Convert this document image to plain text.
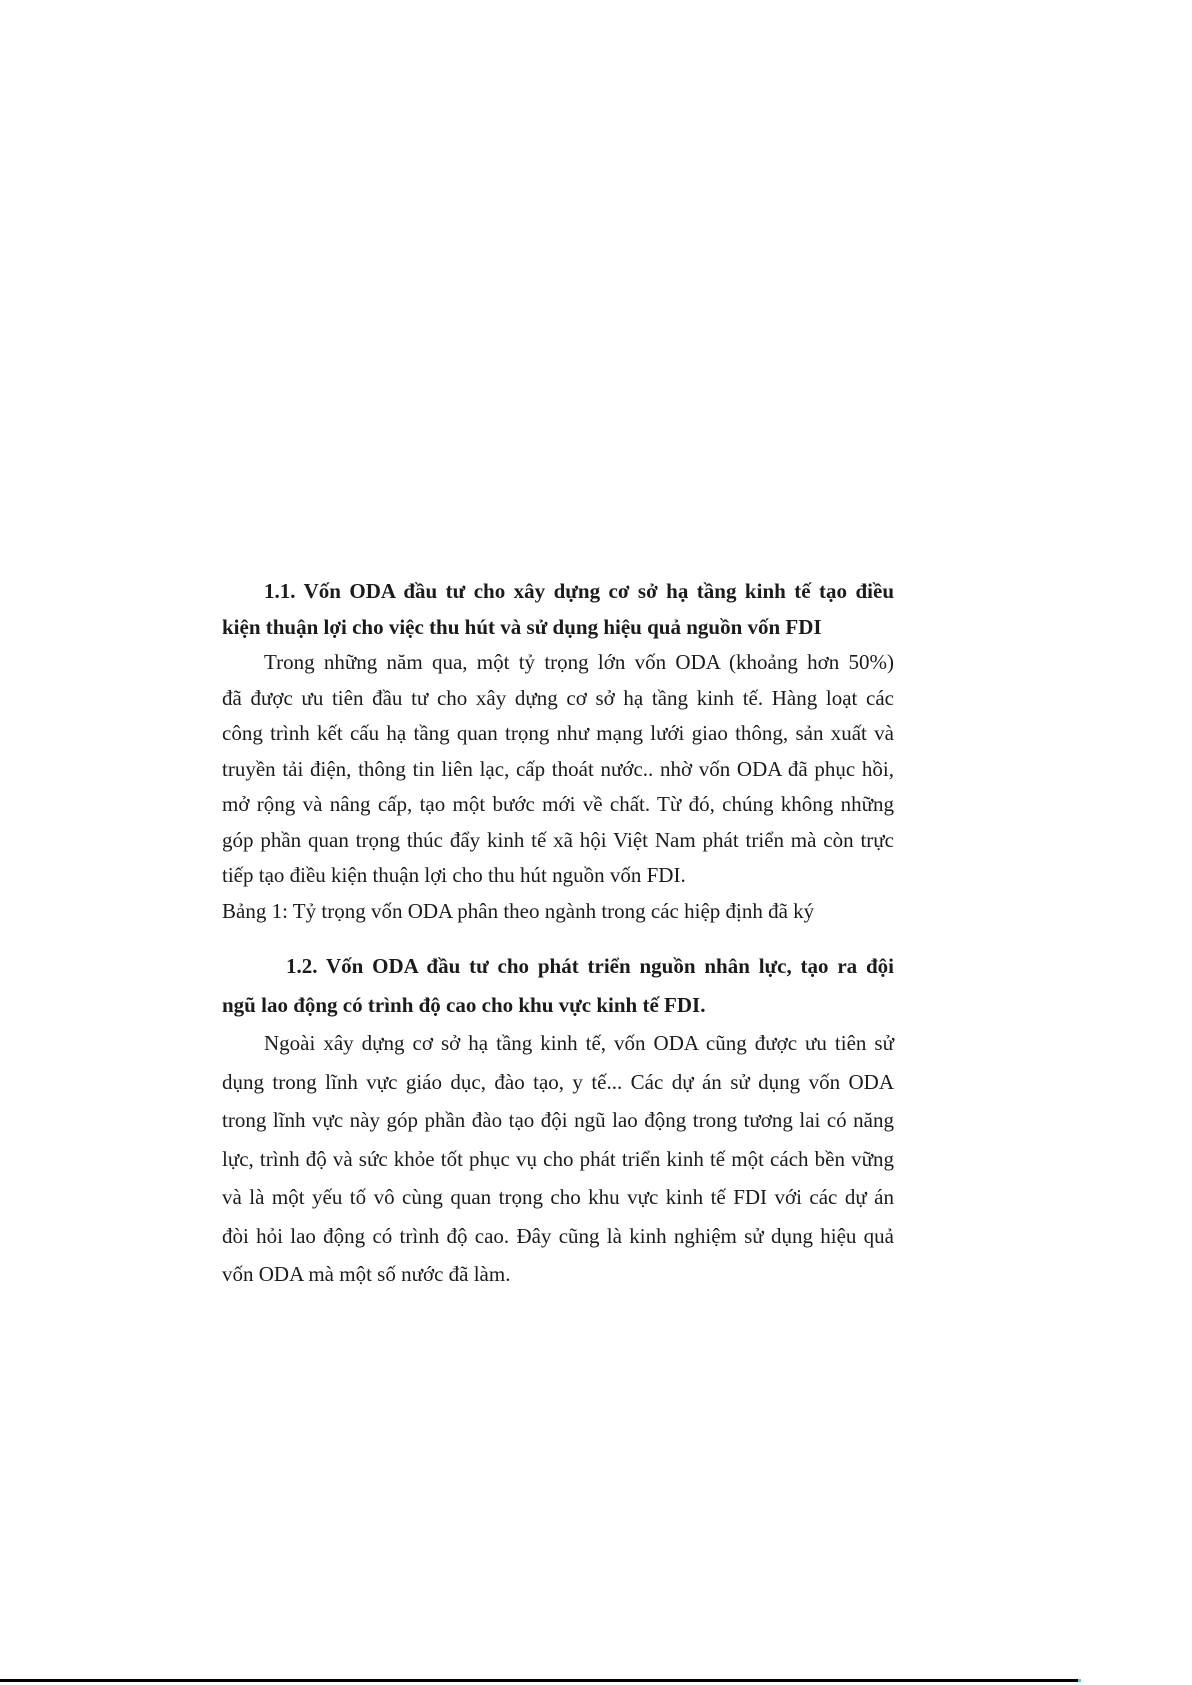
1.1. Vốn ODA đầu tư cho xây dựng cơ sở hạ tầng kinh tế tạo điều
kiện thuận lợi cho việc thu hút và sử dụng hiệu quả nguồn vốn FDI
Trong những năm qua, một tỷ trọng lớn vốn ODA (khoảng hơn 50%)
đã được ưu tiên đầu tư cho xây dựng cơ sở hạ tầng kinh tế. Hàng loạt các
công trình kết cấu hạ tầng quan trọng như mạng lưới giao thông, sản xuất và
truyền tải điện, thông tin liên lạc, cấp thoát nước.. nhờ vốn ODA đã phục hồi,
mở rộng và nâng cấp, tạo một bước mới về chất. Từ đó, chúng không những
góp phần quan trọng thúc đẩy kinh tế xã hội Việt Nam phát triển mà còn trực
tiếp tạo điều kiện thuận lợi cho thu hút nguồn vốn FDI.
Bảng 1: Tỷ trọng vốn ODA phân theo ngành trong các hiệp định đã ký
1.2. Vốn ODA đầu tư cho phát triển nguồn nhân lực, tạo ra đội
ngũ lao động có trình độ cao cho khu vực kinh tế FDI.
Ngoài xây dựng cơ sở hạ tầng kinh tế, vốn ODA cũng được ưu tiên sử
dụng trong lĩnh vực giáo dục, đào tạo, y tế... Các dự án sử dụng vốn ODA
trong lĩnh vực này góp phần đào tạo đội ngũ lao động trong tương lai có năng
lực, trình độ và sức khỏe tốt phục vụ cho phát triển kinh tế một cách bền vững
và là một yếu tố vô cùng quan trọng cho khu vực kinh tế FDI với các dự án
đòi hỏi lao động có trình độ cao. Đây cũng là kinh nghiệm sử dụng hiệu quả
vốn ODA mà một số nước đã làm.
